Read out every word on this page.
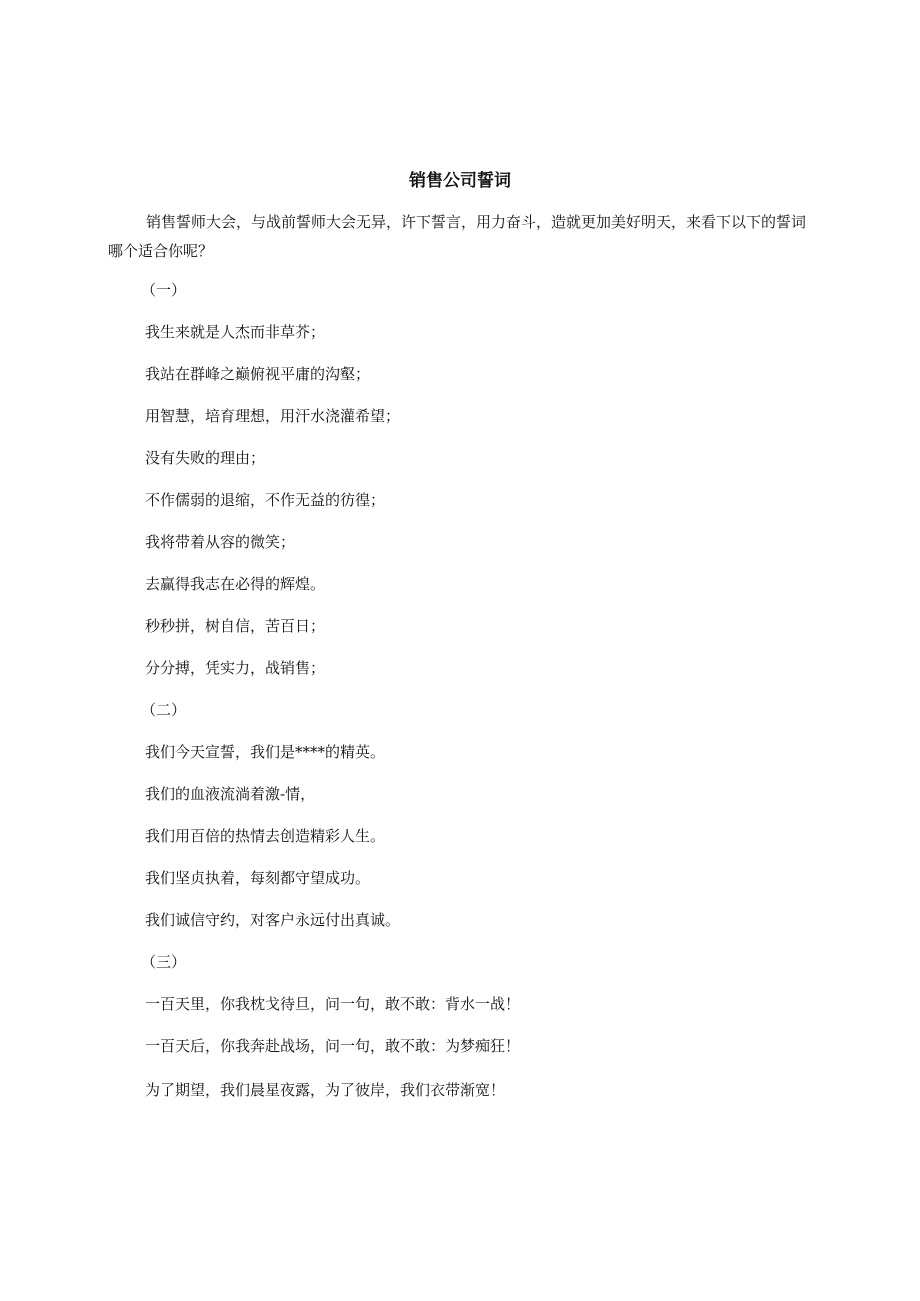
销售公司誓词

销售誓师大会，与战前誓师大会无异，许下誓言，用力奋斗，造就更加美好明天，来看下以下的誓词哪个适合你呢？

（一）
我生来就是人杰而非草芥；
我站在群峰之巅俯视平庸的沟壑；
用智慧，培育理想，用汗水浇灌希望；
没有失败的理由；
不作儒弱的退缩，不作无益的彷徨；
我将带着从容的微笑；
去赢得我志在必得的辉煌。
秒秒拼，树自信，苦百日；
分分搏，凭实力，战销售；
（二）
我们今天宣誓，我们是****的精英。
我们的血液流淌着激-情，
我们用百倍的热情去创造精彩人生。
我们坚贞执着，每刻都守望成功。
我们诚信守约，对客户永远付出真诚。
（三）
一百天里，你我枕戈待旦，问一句，敢不敢：背水一战！
一百天后，你我奔赴战场，问一句，敢不敢：为梦痴狂！
为了期望，我们晨星夜露，为了彼岸，我们衣带渐宽！
